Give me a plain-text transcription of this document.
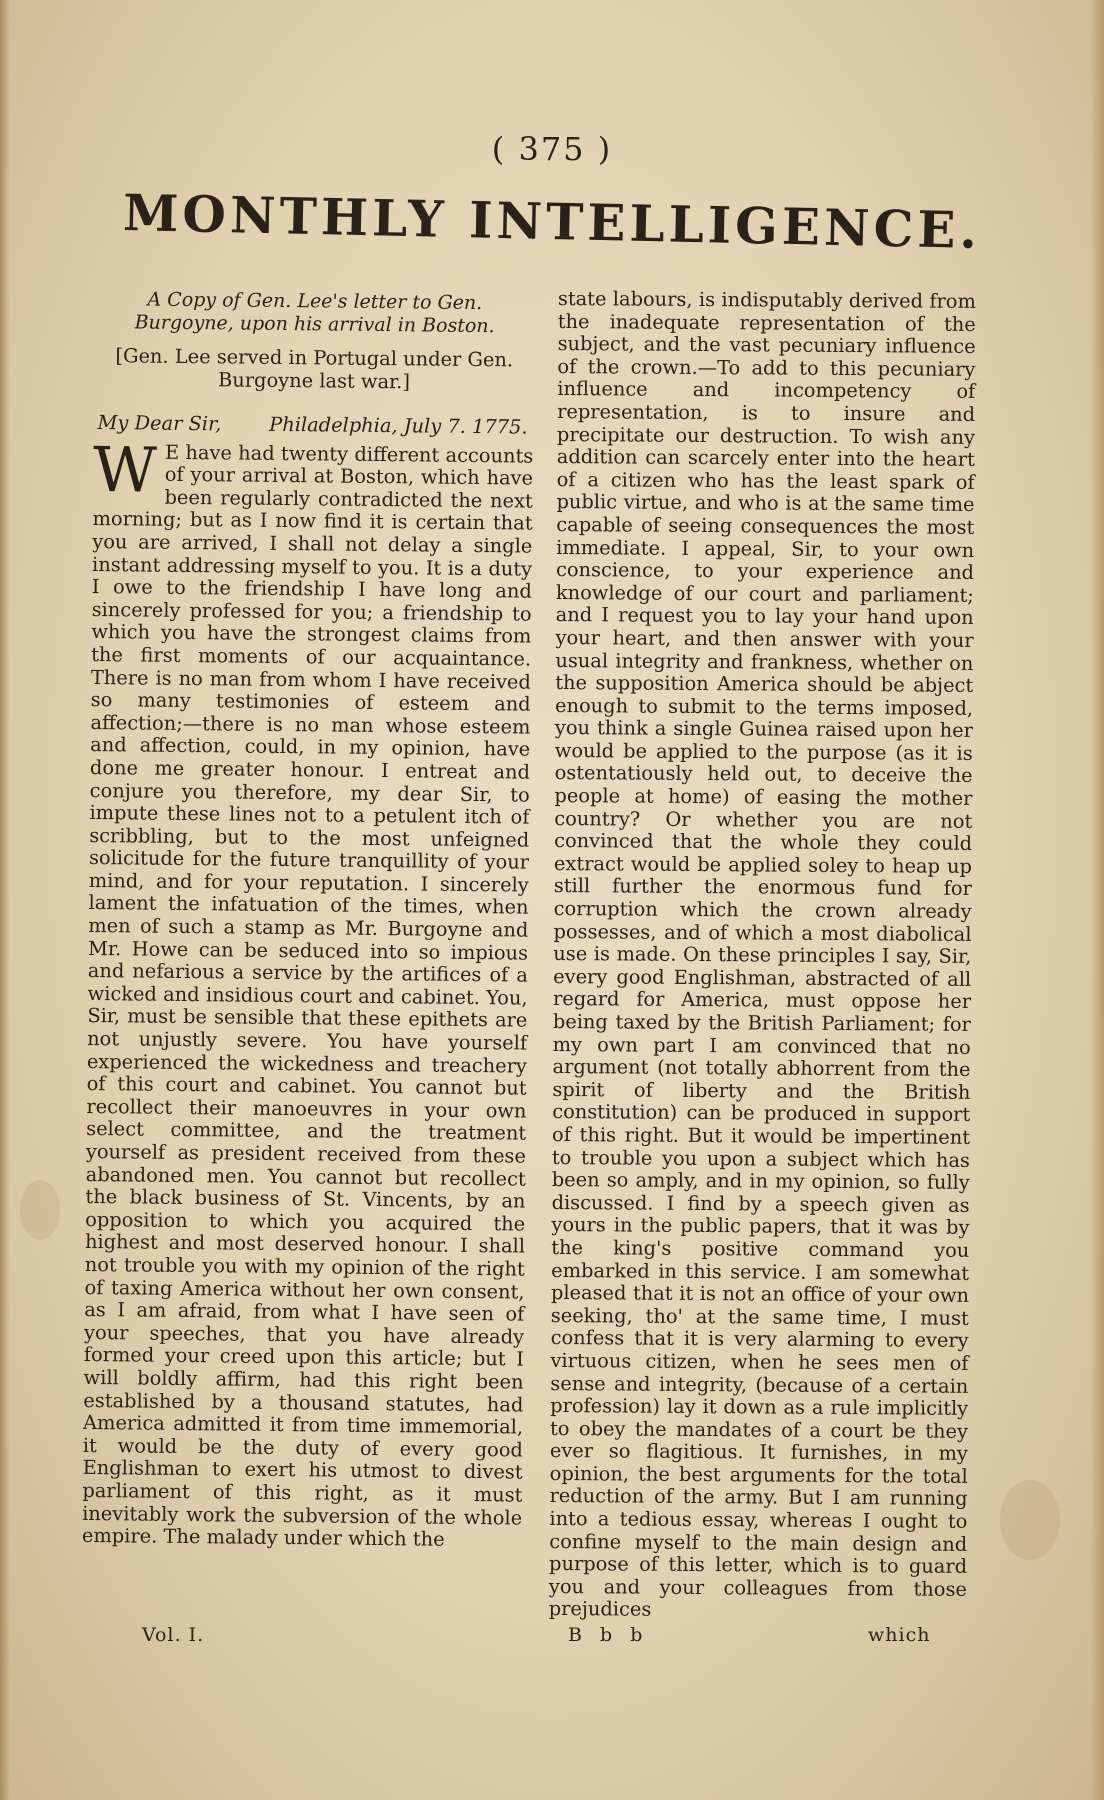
( 375 )
MONTHLY INTELLIGENCE.

A Copy of Gen. Lee's letter to Gen. Burgoyne, upon his arrival in Boston.

[Gen. Lee served in Portugal under Gen. Burgoyne last war.]

My Dear Sir, Philadelphia, July 7. 1775.

W E have had twenty different accounts of your arrival at Boston, which have been regularly contradicted the next morning; but as I now find it is certain that you are arrived, I shall not delay a single instant addressing myself to you. It is a duty I owe to the friendship I have long and sincerely professed for you; a friendship to which you have the strongest claims from the first moments of our acquaintance. There is no man from whom I have received so many testimonies of esteem and affection;—there is no man whose esteem and affection, could, in my opinion, have done me greater honour. I entreat and conjure you therefore, my dear Sir, to impute these lines not to a petulent itch of scribbling, but to the most unfeigned solicitude for the future tranquillity of your mind, and for your reputation. I sincerely lament the infatuation of the times, when men of such a stamp as Mr. Burgoyne and Mr. Howe can be seduced into so impious and nefarious a service by the artifices of a wicked and insidious court and cabinet. You, Sir, must be sensible that these epithets are not unjustly severe. You have yourself experienced the wickedness and treachery of this court and cabinet. You cannot but recollect their manoeuvres in your own select committee, and the treatment yourself as president received from these abandoned men. You cannot but recollect the black business of St. Vincents, by an opposition to which you acquired the highest and most deserved honour. I shall not trouble you with my opinion of the right of taxing America without her own consent, as I am afraid, from what I have seen of your speeches, that you have already formed your creed upon this article; but I will boldly affirm, had this right been established by a thousand statutes, had America admitted it from time immemorial, it would be the duty of every good Englishman to exert his utmost to divest parliament of this right, as it must inevitably work the subversion of the whole empire. The malady under which the

state labours, is indisputably derived from the inadequate representation of the subject, and the vast pecuniary influence of the crown.—To add to this pecuniary influence and incompetency of representation, is to insure and precipitate our destruction. To wish any addition can scarcely enter into the heart of a citizen who has the least spark of public virtue, and who is at the same time capable of seeing consequences the most immediate. I appeal, Sir, to your own conscience, to your experience and knowledge of our court and parliament; and I request you to lay your hand upon your heart, and then answer with your usual integrity and frankness, whether on the supposition America should be abject enough to submit to the terms imposed, you think a single Guinea raised upon her would be applied to the purpose (as it is ostentatiously held out, to deceive the people at home) of easing the mother country? Or whether you are not convinced that the whole they could extract would be applied soley to heap up still further the enormous fund for corruption which the crown already possesses, and of which a most diabolical use is made. On these principles I say, Sir, every good Englishman, abstracted of all regard for America, must oppose her being taxed by the British Parliament; for my own part I am convinced that no argument (not totally abhorrent from the spirit of liberty and the British constitution) can be produced in support of this right. But it would be impertinent to trouble you upon a subject which has been so amply, and in my opinion, so fully discussed. I find by a speech given as yours in the public papers, that it was by the king's positive command you embarked in this service. I am somewhat pleased that it is not an office of your own seeking, tho' at the same time, I must confess that it is very alarming to every virtuous citizen, when he sees men of sense and integrity, (because of a certain profession) lay it down as a rule implicitly to obey the mandates of a court be they ever so flagitious. It furnishes, in my opinion, the best arguments for the total reduction of the army. But I am running into a tedious essay, whereas I ought to confine myself to the main design and purpose of this letter, which is to guard you and your colleagues from those prejudices

Vol. I.	B b b	which
